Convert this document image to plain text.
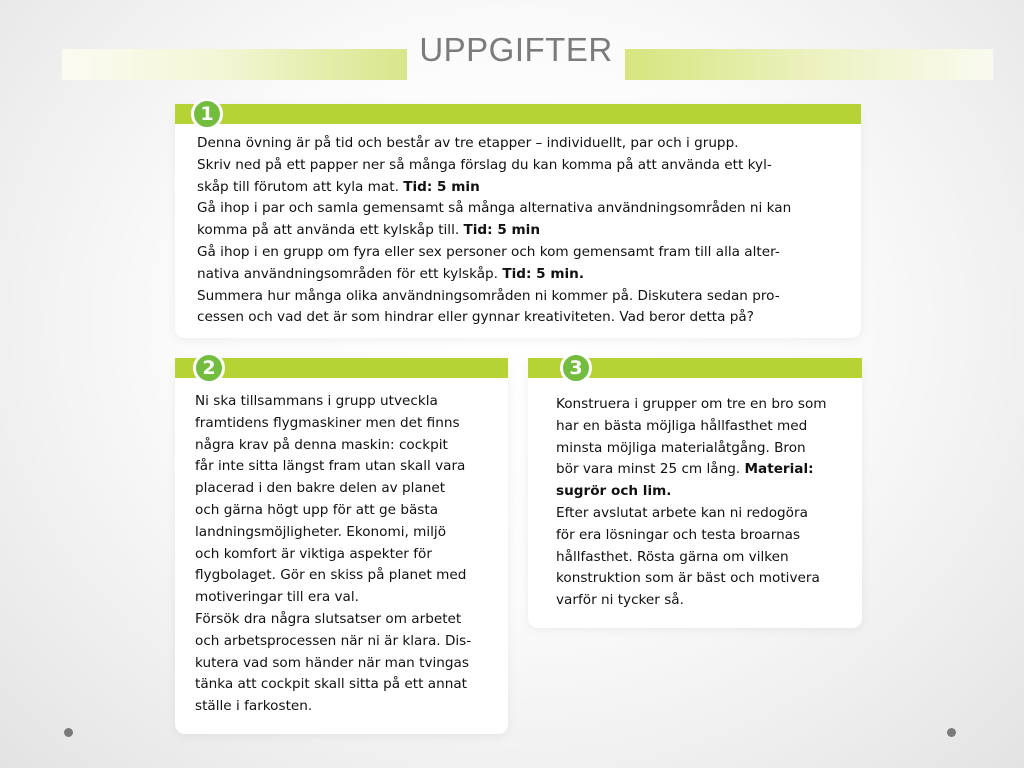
UPPGIFTER

Denna övning är på tid och består av tre etapper – individuellt, par och i grupp.

Skriv ned på ett papper ner så många förslag du kan komma på att använda ett kyl-

skåp till förutom att kyla mat. Tid: 5 min

Gå ihop i par och samla gemensamt så många alternativa användningsområden ni kan

komma på att använda ett kylskåp till. Tid: 5 min

Gå ihop i en grupp om fyra eller sex personer och kom gemensamt fram till alla alter-

nativa användningsområden för ett kylskåp. Tid: 5 min.

Summera hur många olika användningsområden ni kommer på. Diskutera sedan pro-

cessen och vad det är som hindrar eller gynnar kreativiteten. Vad beror detta på?

1

Ni ska tillsammans i grupp utveckla

framtidens flygmaskiner men det finns

några krav på denna maskin: cockpit

får inte sitta längst fram utan skall vara

placerad i den bakre delen av planet

och gärna högt upp för att ge bästa

landningsmöjligheter. Ekonomi, miljö

och komfort är viktiga aspekter för

flygbolaget. Gör en skiss på planet med

motiveringar till era val.

Försök dra några slutsatser om arbetet

och arbetsprocessen när ni är klara. Dis-

kutera vad som händer när man tvingas

tänka att cockpit skall sitta på ett annat

ställe i farkosten.

2

Konstruera i grupper om tre en bro som

har en bästa möjliga hållfasthet med

minsta möjliga materialåtgång. Bron

bör vara minst 25 cm lång. Material:

sugrör och lim.

Efter avslutat arbete kan ni redogöra

för era lösningar och testa broarnas

hållfasthet. Rösta gärna om vilken

konstruktion som är bäst och motivera

varför ni tycker så.

3
